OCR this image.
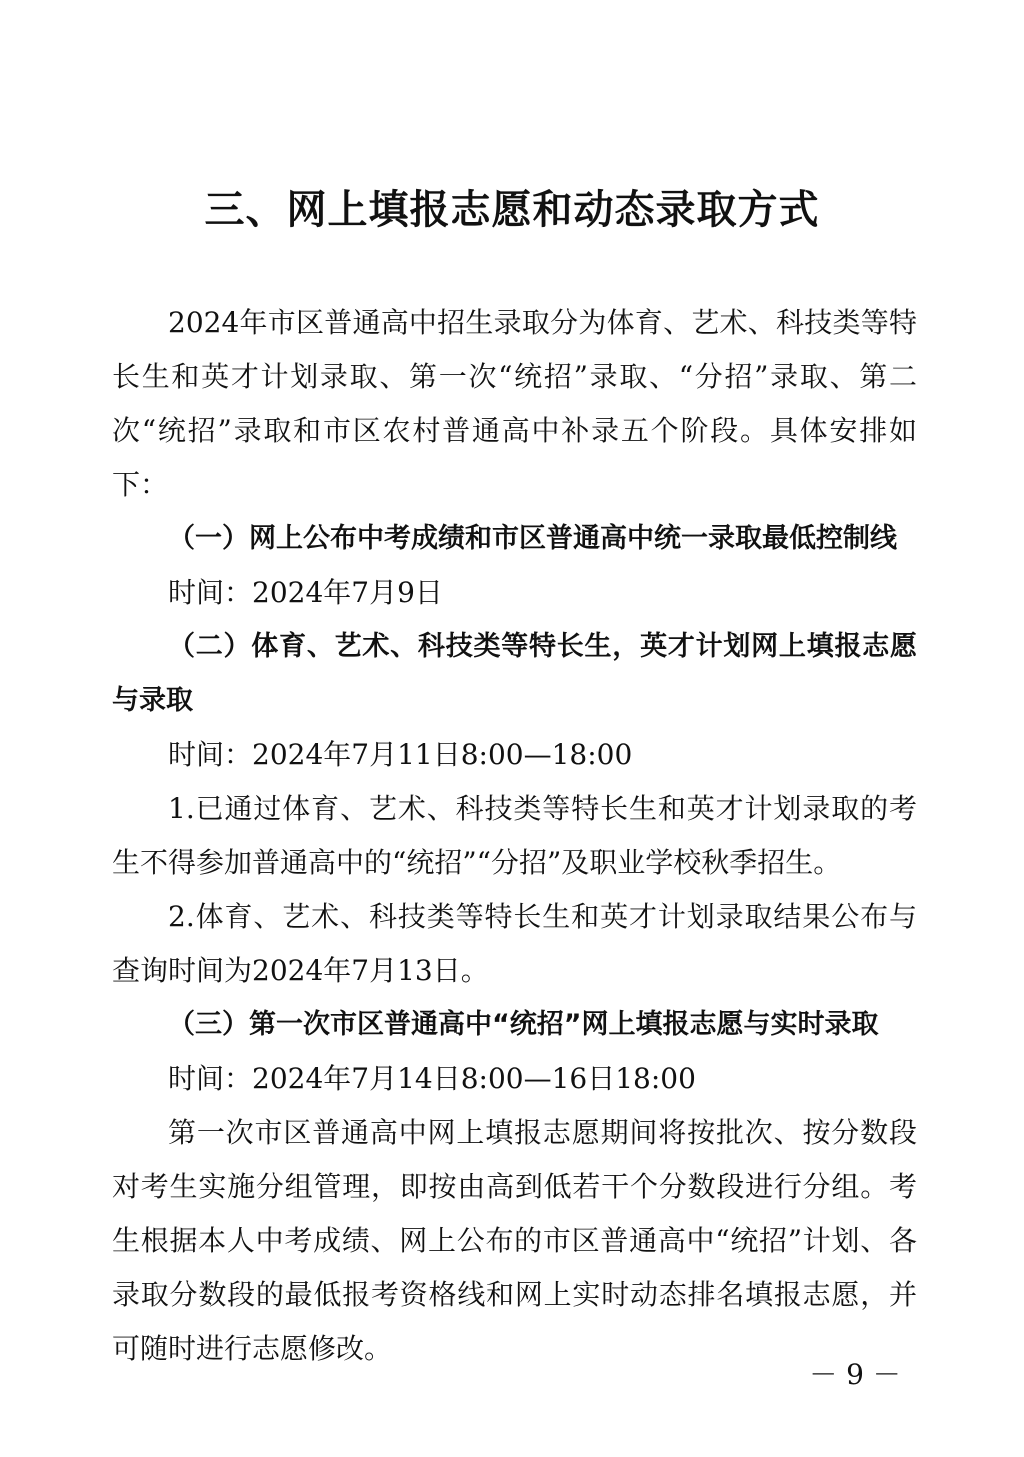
三、网上填报志愿和动态录取方式

2024年市区普通高中招生录取分为体育、艺术、科技类等特长生和英才计划录取、第一次“统招”录取、“分招”录取、第二次“统招”录取和市区农村普通高中补录五个阶段。具体安排如下：

（一）网上公布中考成绩和市区普通高中统一录取最低控制线

时间：2024年7月9日

（二）体育、艺术、科技类等特长生，英才计划网上填报志愿与录取

时间：2024年7月11日8:00—18:00

1.已通过体育、艺术、科技类等特长生和英才计划录取的考生不得参加普通高中的“统招”“分招”及职业学校秋季招生。

2.体育、艺术、科技类等特长生和英才计划录取结果公布与查询时间为2024年7月13日。

（三）第一次市区普通高中“统招”网上填报志愿与实时录取

时间：2024年7月14日8:00—16日18:00

第一次市区普通高中网上填报志愿期间将按批次、按分数段对考生实施分组管理，即按由高到低若干个分数段进行分组。考生根据本人中考成绩、网上公布的市区普通高中“统招”计划、各录取分数段的最低报考资格线和网上实时动态排名填报志愿，并可随时进行志愿修改。

－ 9 －
